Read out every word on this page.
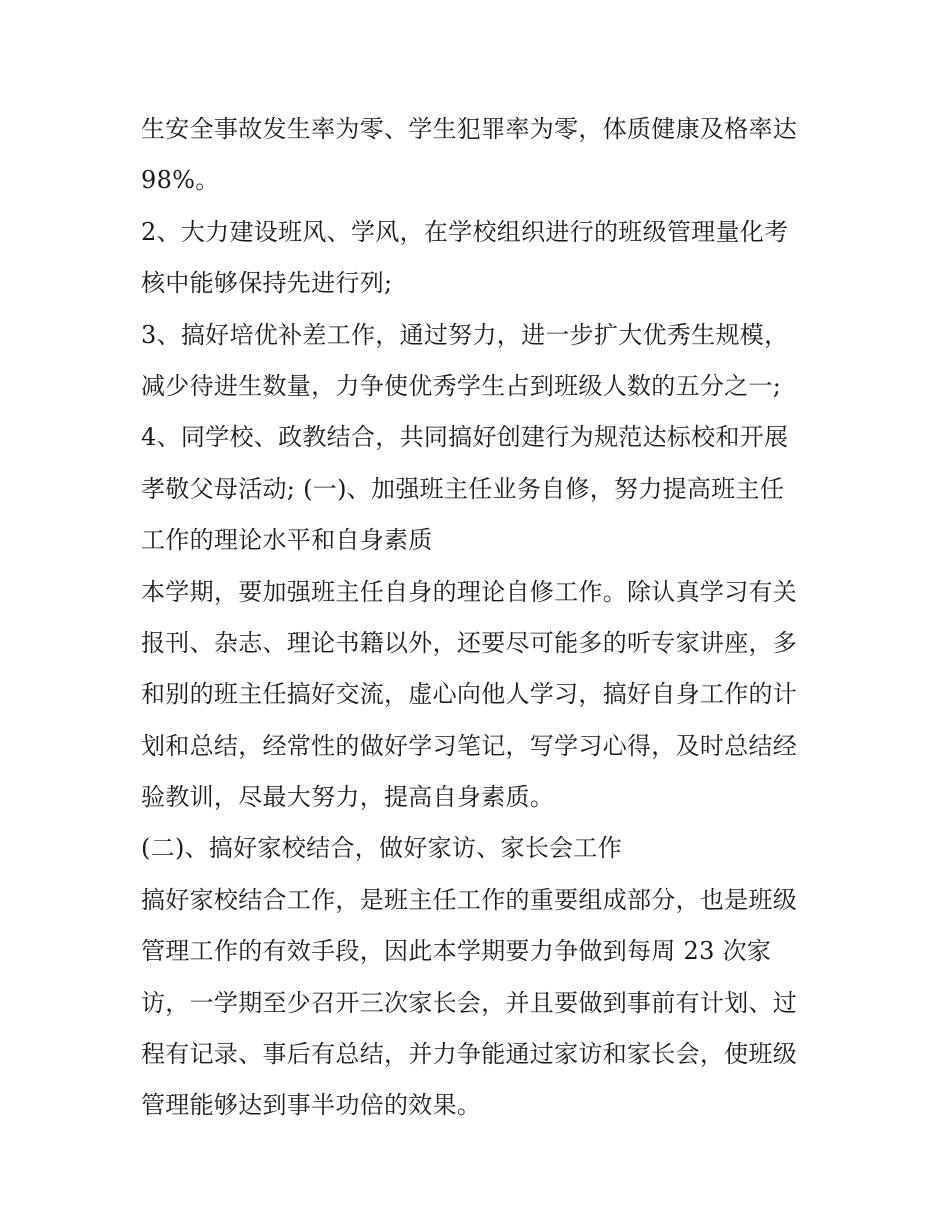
生安全事故发生率为零、学生犯罪率为零，体质健康及格率达
98%。
2、大力建设班风、学风，在学校组织进行的班级管理量化考
核中能够保持先进行列;
3、搞好培优补差工作，通过努力，进一步扩大优秀生规模，
减少待进生数量，力争使优秀学生占到班级人数的五分之一;
4、同学校、政教结合，共同搞好创建行为规范达标校和开展
孝敬父母活动; (一)、加强班主任业务自修，努力提高班主任
工作的理论水平和自身素质
本学期，要加强班主任自身的理论自修工作。除认真学习有关
报刊、杂志、理论书籍以外，还要尽可能多的听专家讲座，多
和别的班主任搞好交流，虚心向他人学习，搞好自身工作的计
划和总结，经常性的做好学习笔记，写学习心得，及时总结经
验教训，尽最大努力，提高自身素质。
(二)、搞好家校结合，做好家访、家长会工作
搞好家校结合工作，是班主任工作的重要组成部分，也是班级
管理工作的有效手段，因此本学期要力争做到每周 23 次家
访，一学期至少召开三次家长会，并且要做到事前有计划、过
程有记录、事后有总结，并力争能通过家访和家长会，使班级
管理能够达到事半功倍的效果。
